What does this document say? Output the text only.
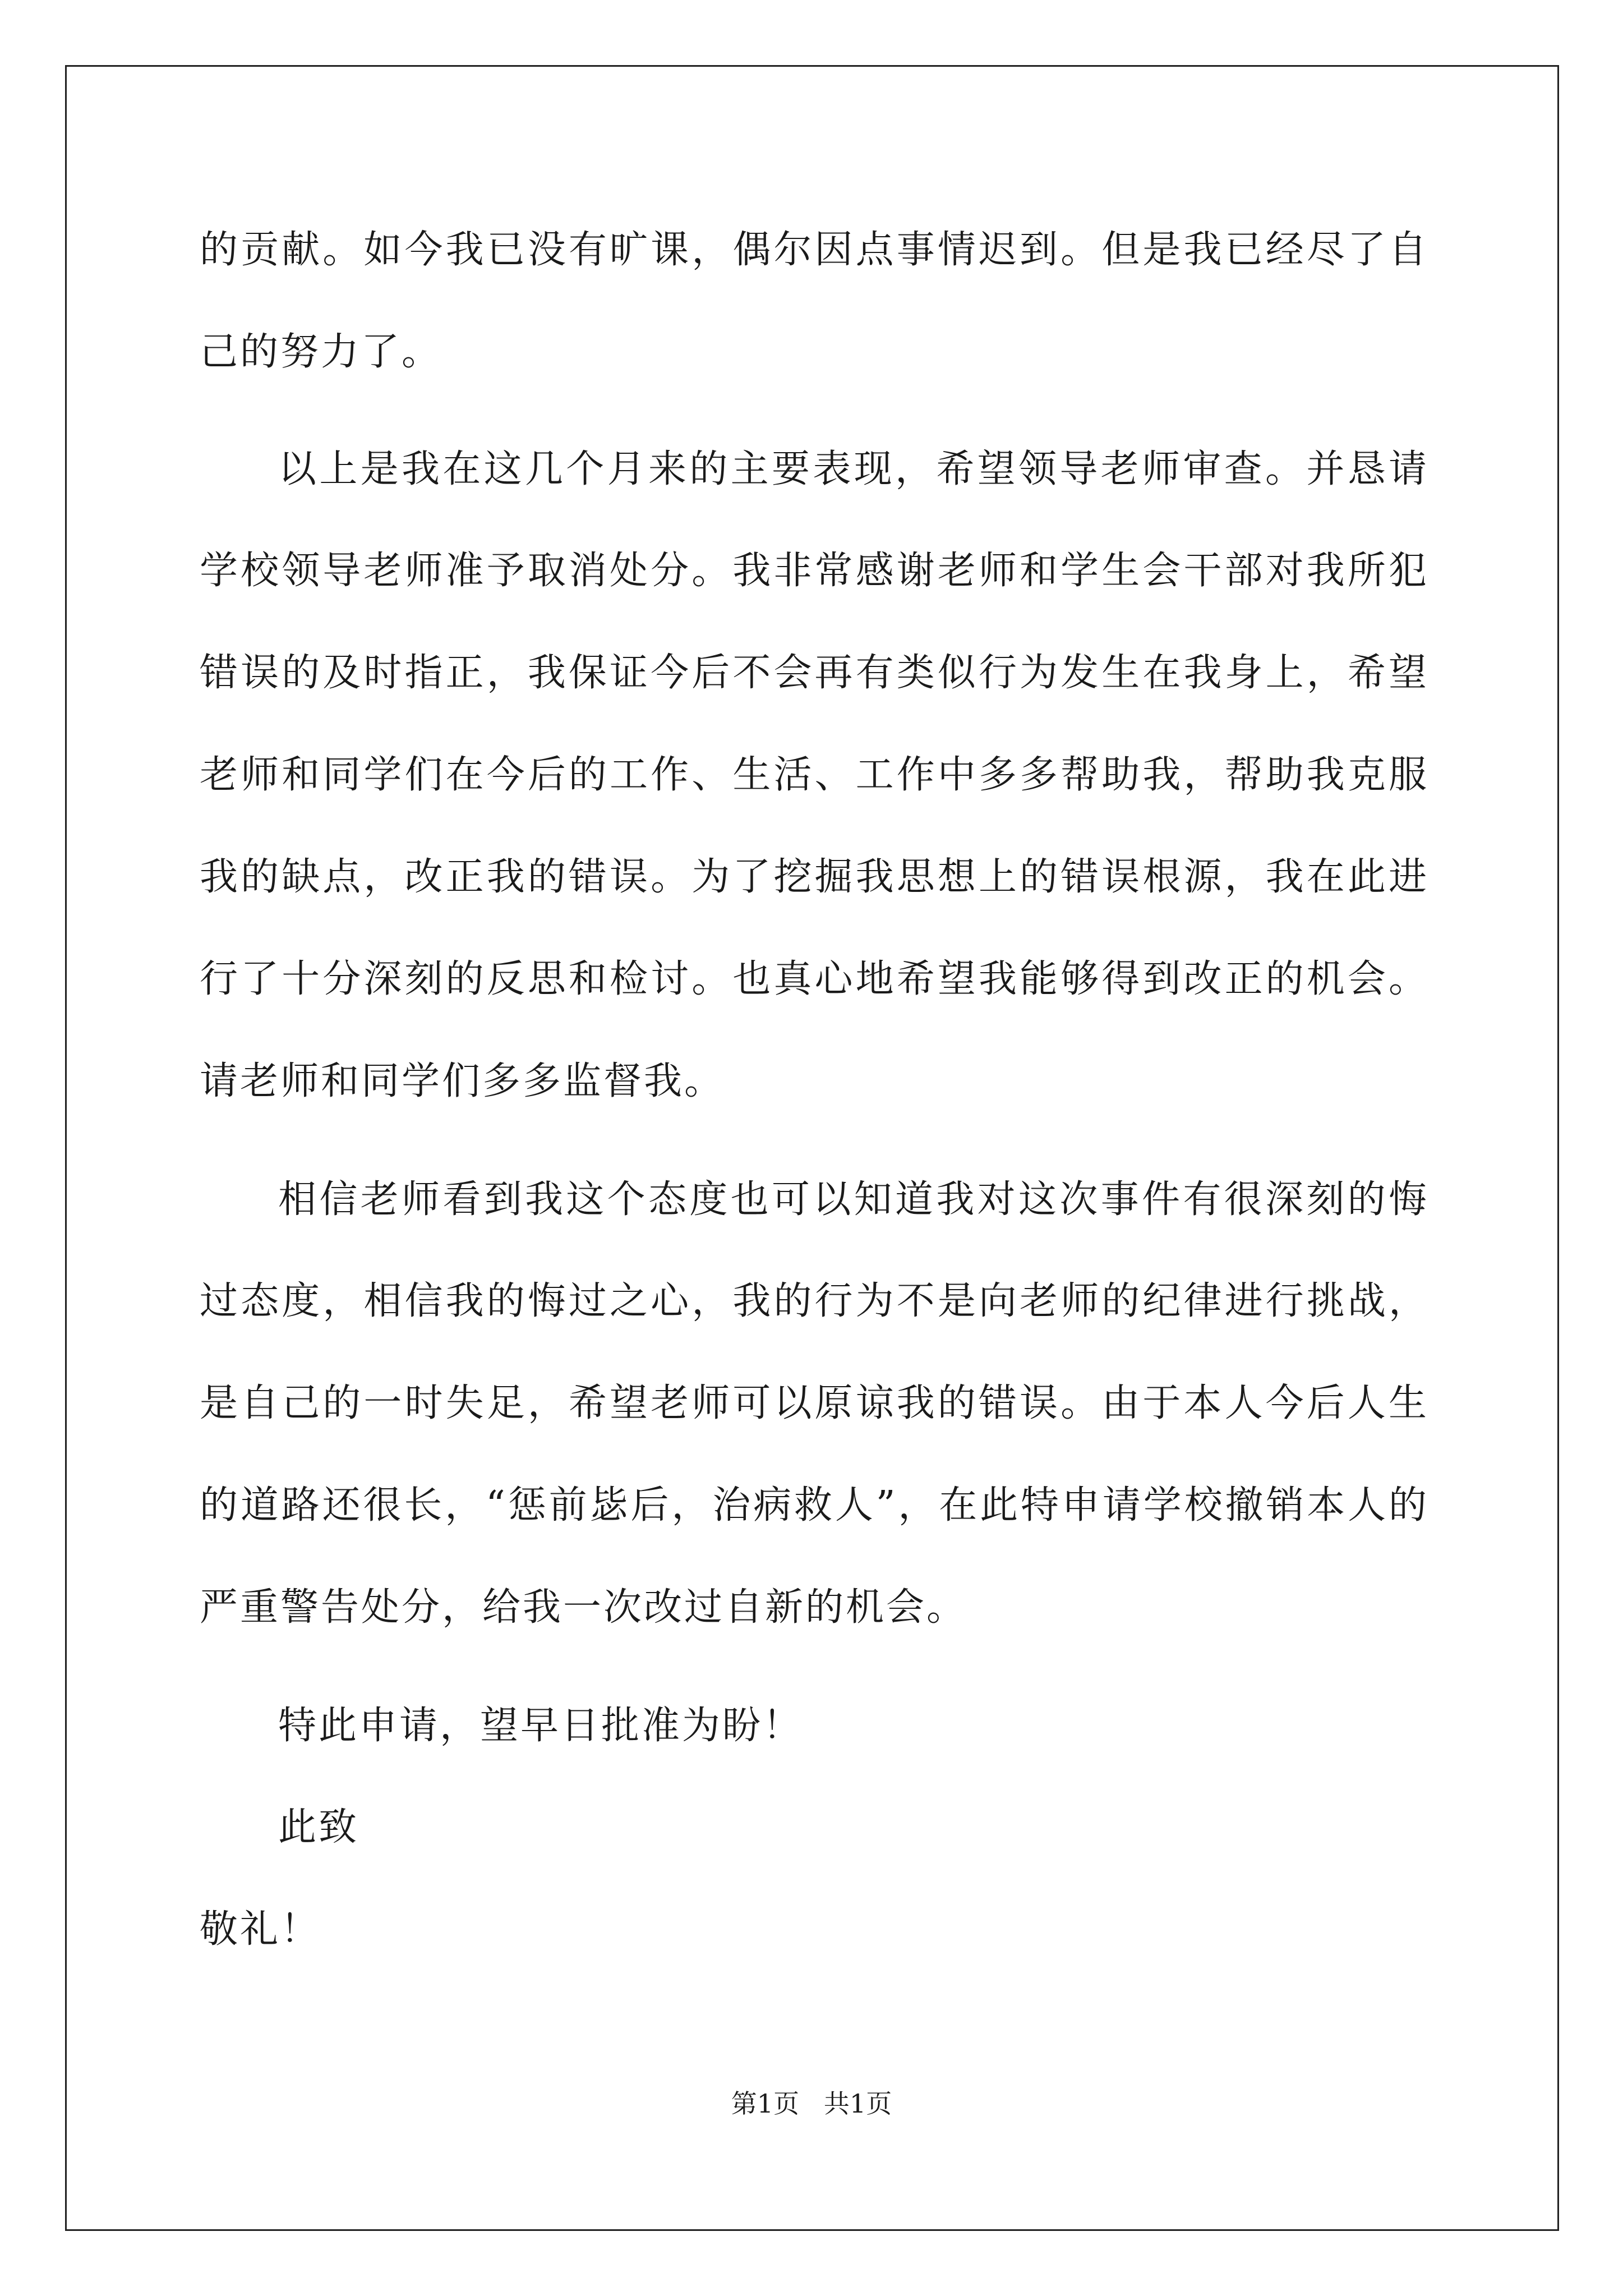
的贡献。如今我已没有旷课，偶尔因点事情迟到。但是我已经尽了自
己的努力了。
以上是我在这几个月来的主要表现，希望领导老师审查。并恳请
学校领导老师准予取消处分。我非常感谢老师和学生会干部对我所犯
错误的及时指正，我保证今后不会再有类似行为发生在我身上，希望
老师和同学们在今后的工作、生活、工作中多多帮助我，帮助我克服
我的缺点，改正我的错误。为了挖掘我思想上的错误根源，我在此进
行了十分深刻的反思和检讨。也真心地希望我能够得到改正的机会。
请老师和同学们多多监督我。
相信老师看到我这个态度也可以知道我对这次事件有很深刻的悔
过态度，相信我的悔过之心，我的行为不是向老师的纪律进行挑战，
是自己的一时失足，希望老师可以原谅我的错误。由于本人今后人生
的道路还很长，“惩前毖后，治病救人”，在此特申请学校撤销本人的
严重警告处分，给我一次改过自新的机会。
特此申请，望早日批准为盼！
此致
敬礼！
第1页   共1页
